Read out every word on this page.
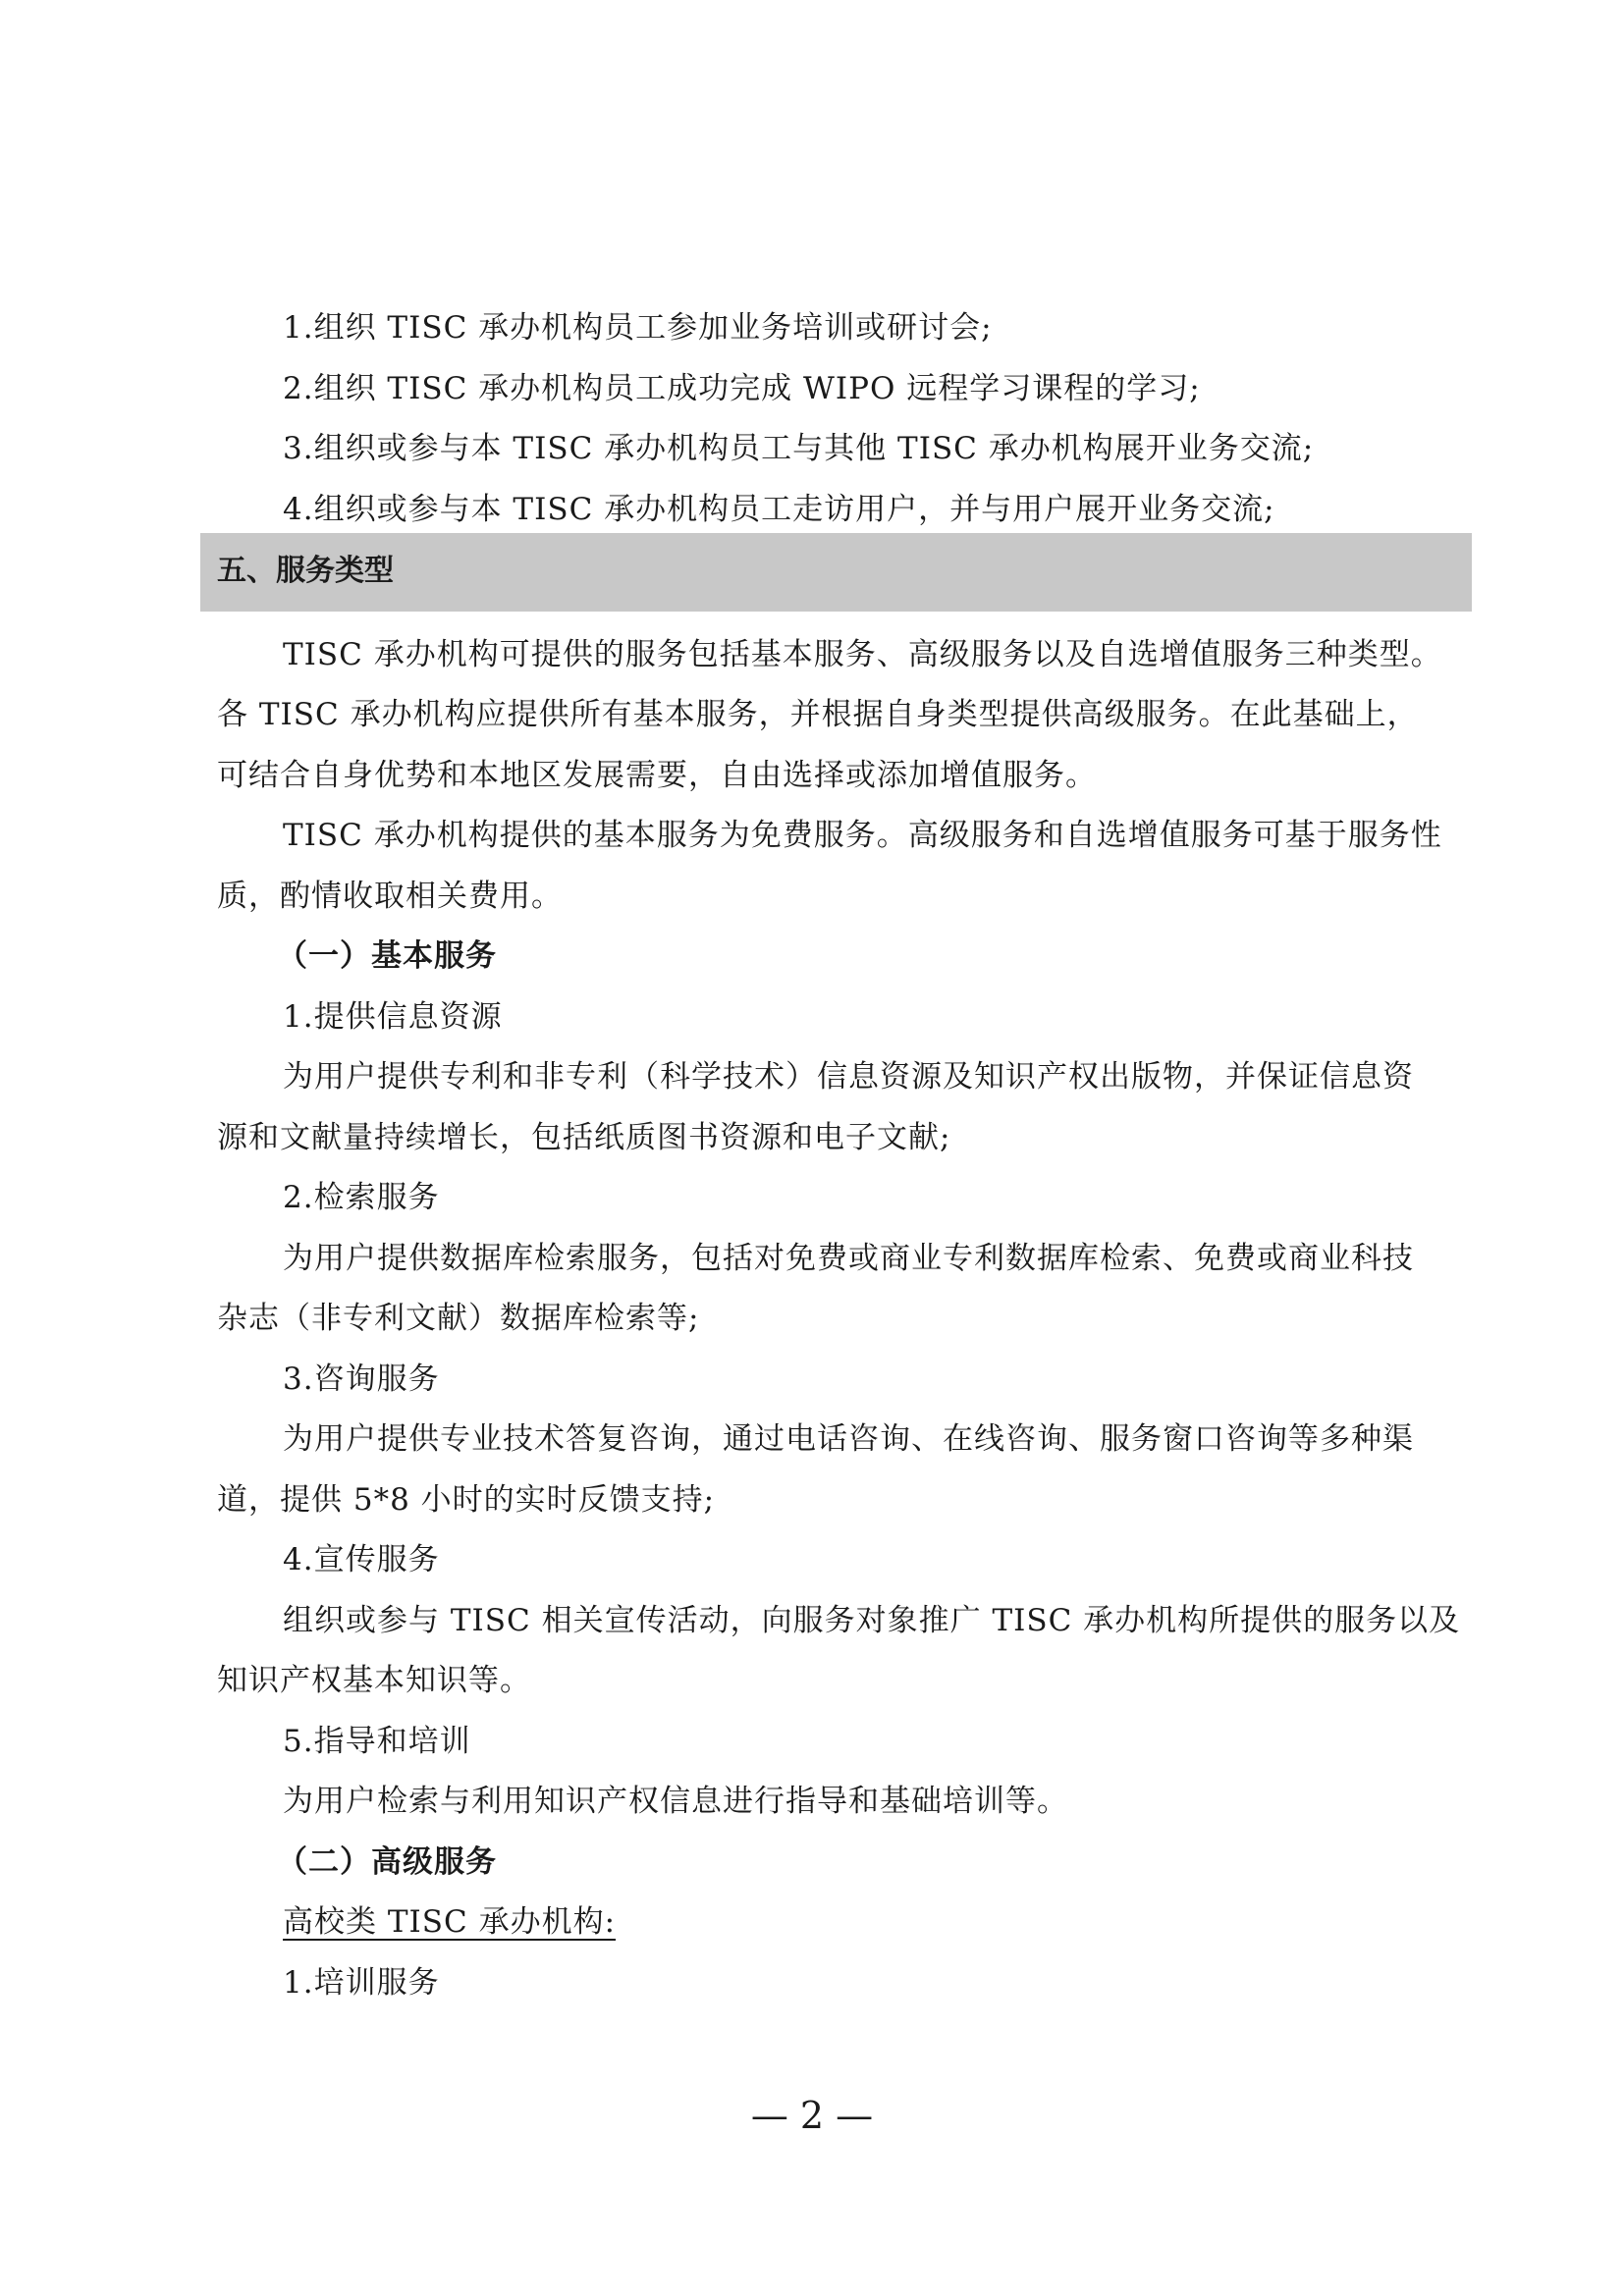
1.组织 TISC 承办机构员工参加业务培训或研讨会;
2.组织 TISC 承办机构员工成功完成 WIPO 远程学习课程的学习;
3.组织或参与本 TISC 承办机构员工与其他 TISC 承办机构展开业务交流;
4.组织或参与本 TISC 承办机构员工走访用户，并与用户展开业务交流;
五、服务类型
TISC 承办机构可提供的服务包括基本服务、高级服务以及自选增值服务三种类型。
各 TISC 承办机构应提供所有基本服务，并根据自身类型提供高级服务。在此基础上，
可结合自身优势和本地区发展需要，自由选择或添加增值服务。
TISC 承办机构提供的基本服务为免费服务。高级服务和自选增值服务可基于服务性
质，酌情收取相关费用。
（一）基本服务
1.提供信息资源
为用户提供专利和非专利（科学技术）信息资源及知识产权出版物，并保证信息资
源和文献量持续增长，包括纸质图书资源和电子文献;
2.检索服务
为用户提供数据库检索服务，包括对免费或商业专利数据库检索、免费或商业科技
杂志（非专利文献）数据库检索等;
3.咨询服务
为用户提供专业技术答复咨询，通过电话咨询、在线咨询、服务窗口咨询等多种渠
道，提供 5*8 小时的实时反馈支持;
4.宣传服务
组织或参与 TISC 相关宣传活动，向服务对象推广 TISC 承办机构所提供的服务以及
知识产权基本知识等。
5.指导和培训
为用户检索与利用知识产权信息进行指导和基础培训等。
（二）高级服务
高校类 TISC 承办机构:
1.培训服务
— 2 —
